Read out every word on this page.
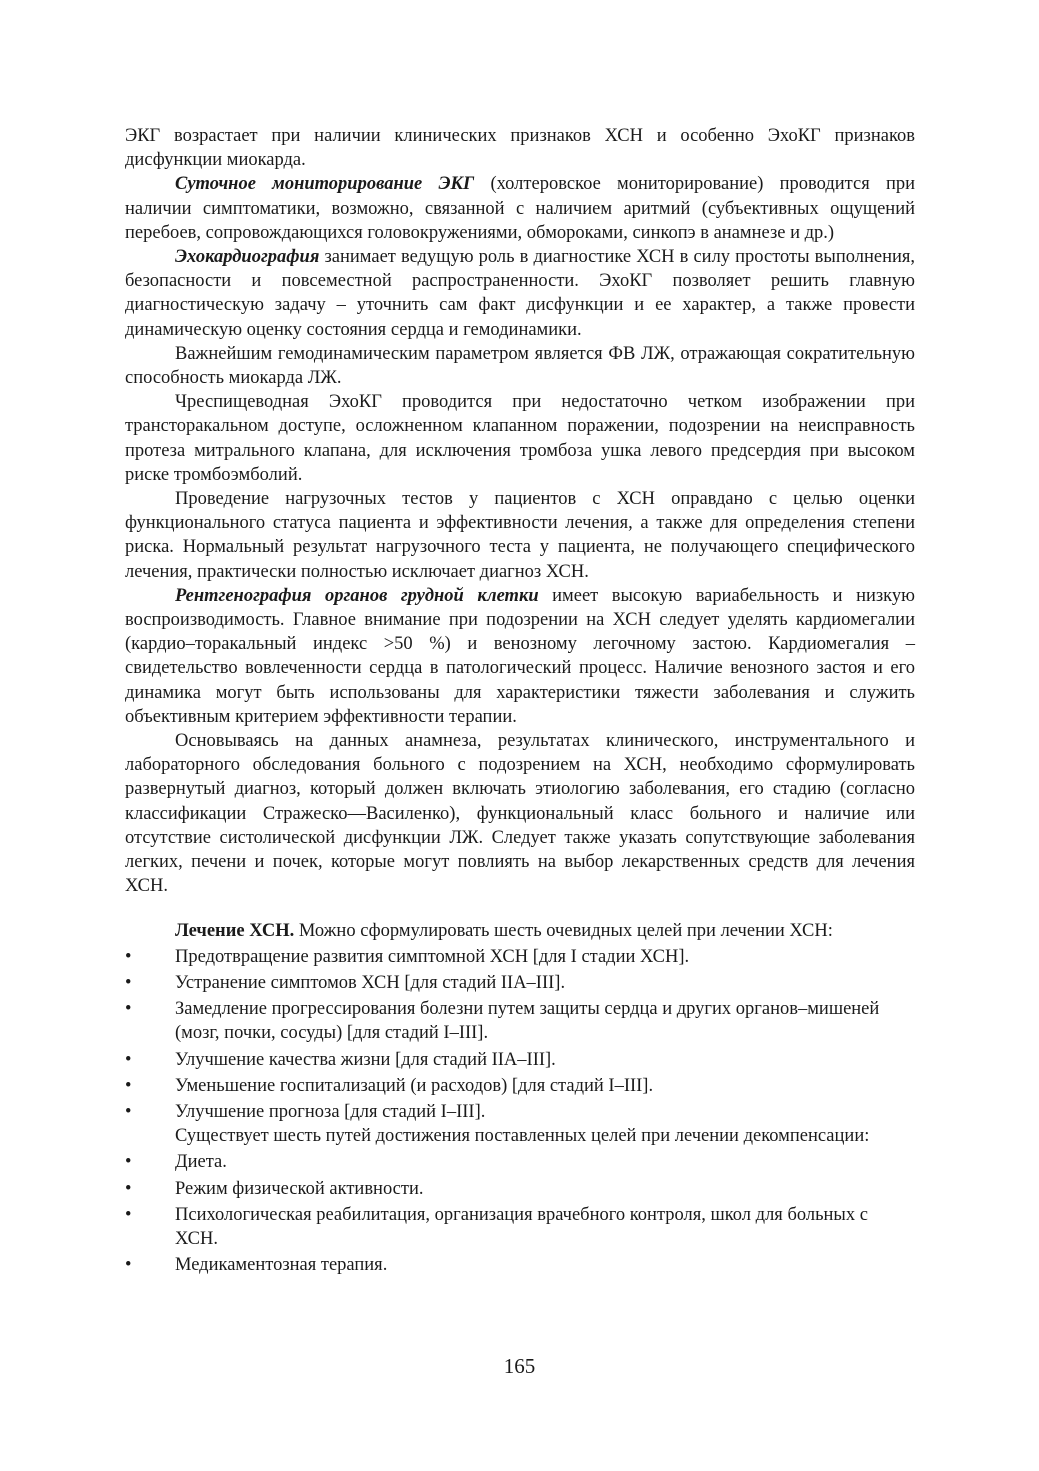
ЭКГ возрастает при наличии клинических признаков ХСН и особенно ЭхоКГ признаков дисфункции миокарда.

Суточное мониторирование ЭКГ (холтеровское мониторирование) проводится при наличии симптоматики, возможно, связанной с наличием аритмий (субъективных ощущений перебоев, сопровождающихся головокружениями, обмороками, синкопэ в анамнезе и др.)

Эхокардиография занимает ведущую роль в диагностике ХСН в силу простоты выполнения, безопасности и повсеместной распространенности. ЭхоКГ позволяет решить главную диагностическую задачу – уточнить сам факт дисфункции и ее характер, а также провести динамическую оценку состояния сердца и гемодинамики.

Важнейшим гемодинамическим параметром является ФВ ЛЖ, отражающая сократительную способность миокарда ЛЖ.

Чреспищеводная ЭхоКГ проводится при недостаточно четком изображении при трансторакальном доступе, осложненном клапанном поражении, подозрении на неисправность протеза митрального клапана, для исключения тромбоза ушка левого предсердия при высоком риске тромбоэмболий.

Проведение нагрузочных тестов у пациентов с ХСН оправдано с целью оценки функционального статуса пациента и эффективности лечения, а также для определения степени риска. Нормальный результат нагрузочного теста у пациента, не получающего специфического лечения, практически полностью исключает диагноз ХСН.

Рентгенография органов грудной клетки имеет высокую вариабельность и низкую воспроизводимость. Главное внимание при подозрении на ХСН следует уделять кардиомегалии (кардио–торакальный индекс >50 %) и венозному легочному застою. Кардиомегалия – свидетельство вовлеченности сердца в патологический процесс. Наличие венозного застоя и его динамика могут быть использованы для характеристики тяжести заболевания и служить объективным критерием эффективности терапии.

Основываясь на данных анамнеза, результатах клинического, инструментального и лабораторного обследования больного с подозрением на ХСН, необходимо сформулировать развернутый диагноз, который должен включать этиологию заболевания, его стадию (согласно классификации Стражеско—Василенко), функциональный класс больного и наличие или отсутствие систолической дисфункции ЛЖ. Следует также указать сопутствующие заболевания легких, печени и почек, которые могут повлиять на выбор лекарственных средств для лечения ХСН.

Лечение ХСН. Можно сформулировать шесть очевидных целей при лечении ХСН:

•	Предотвращение развития симптомной ХСН [для I стадии ХСН].
•	Устранение симптомов ХСН [для стадий IIA–III].
•	Замедление прогрессирования болезни путем защиты сердца и других органов–мишеней (мозг, почки, сосуды) [для стадий I–III].
•	Улучшение качества жизни [для стадий IIA–III].
•	Уменьшение госпитализаций (и расходов) [для стадий I–III].
•	Улучшение прогноза [для стадий I–III].

Существует шесть путей достижения поставленных целей при лечении декомпенсации:

•	Диета.
•	Режим физической активности.
•	Психологическая реабилитация, организация врачебного контроля, школ для больных с ХСН.
•	Медикаментозная терапия.
165
